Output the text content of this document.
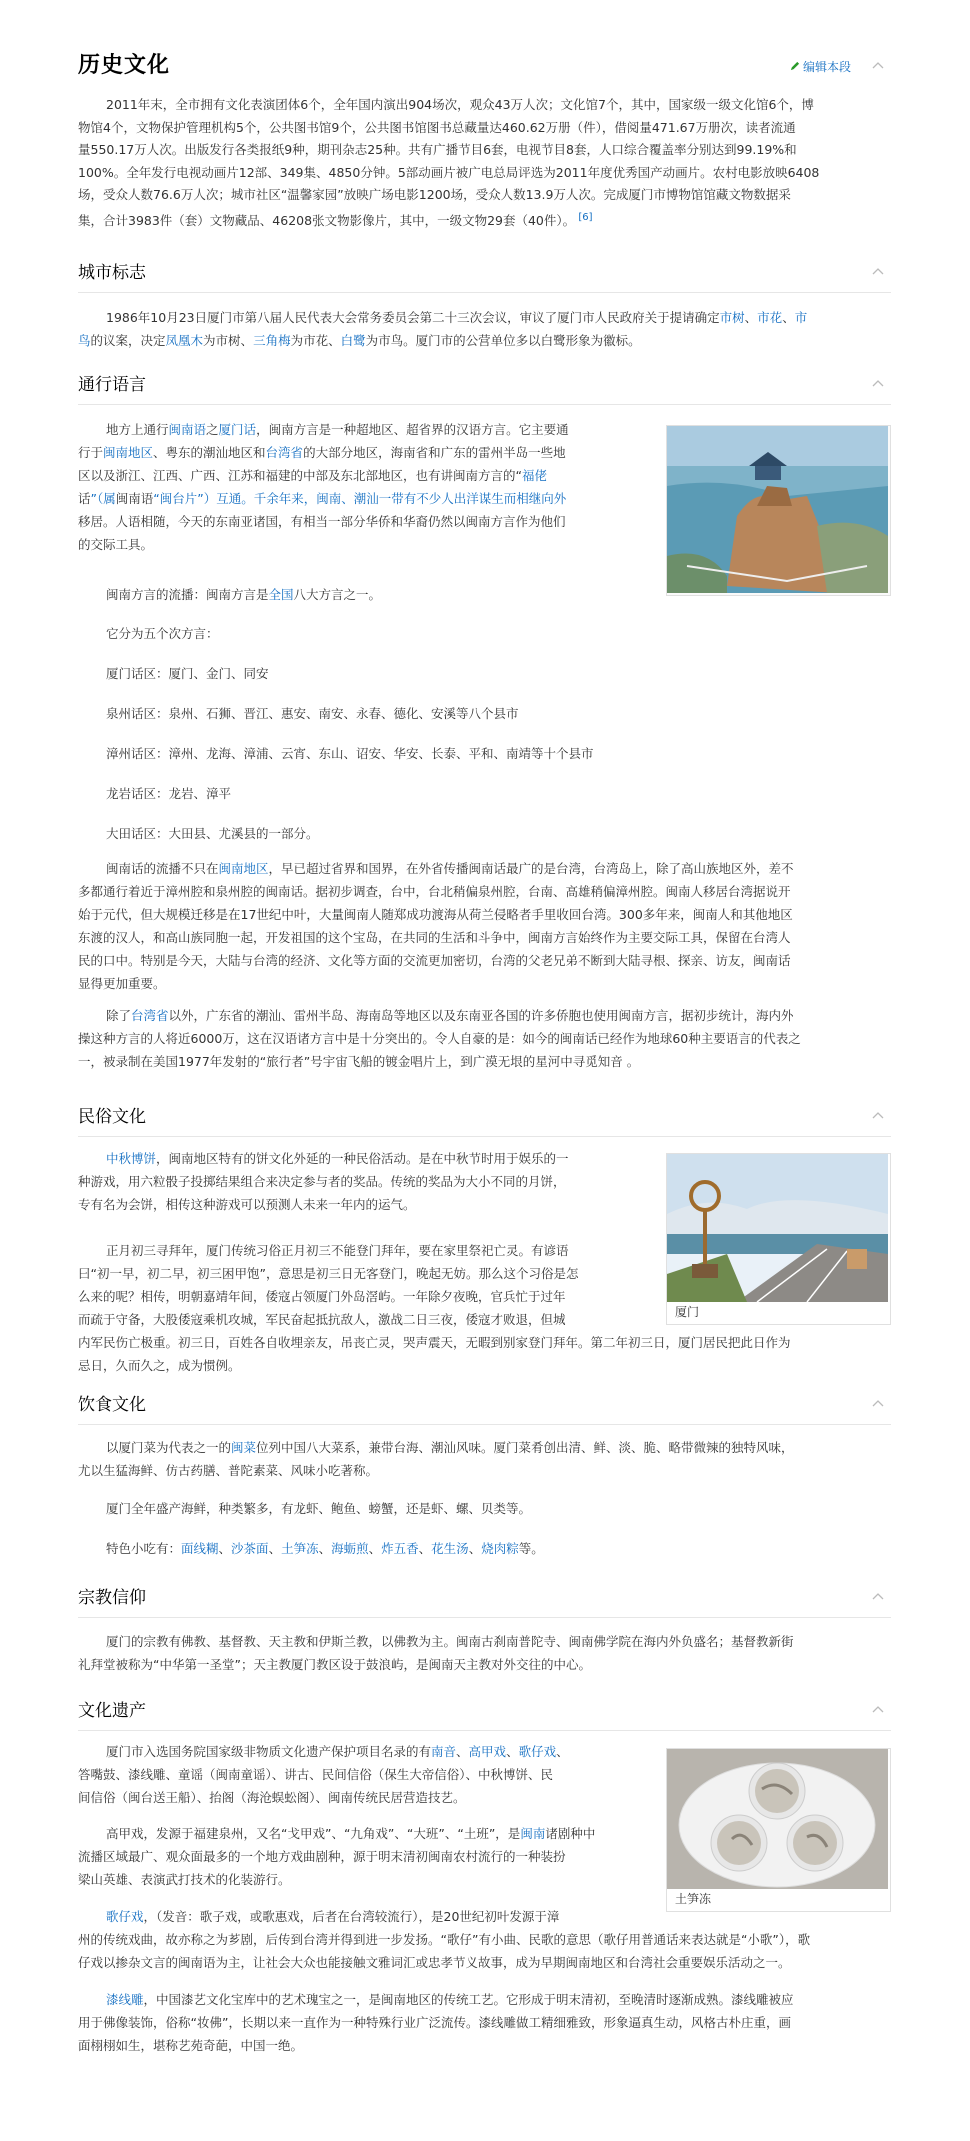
历史文化	编辑本段
2011年末，全市拥有文化表演团体6个，全年国内演出904场次，观众43万人次；文化馆7个，其中，国家级一级文化馆6个，博
物馆4个，文物保护管理机构5个，公共图书馆9个，公共图书馆图书总藏量达460.62万册（件），借阅量471.67万册次，读者流通
量550.17万人次。出版发行各类报纸9种，期刊杂志25种。共有广播节目6套，电视节目8套，人口综合覆盖率分别达到99.19%和
100%。全年发行电视动画片12部、349集、4850分钟。5部动画片被广电总局评选为2011年度优秀国产动画片。农村电影放映6408
场，受众人数76.6万人次；城市社区“温馨家园”放映广场电影1200场，受众人数13.9万人次。完成厦门市博物馆馆藏文物数据采
集，合计3983件（套）文物藏品、46208张文物影像片，其中，一级文物29套（40件）。 [6]
城市标志
1986年10月23日厦门市第八届人民代表大会常务委员会第二十三次会议，审议了厦门市人民政府关于提请确定市树、市花、市
鸟的议案，决定凤凰木为市树、三角梅为市花、白鹭为市鸟。厦门市的公营单位多以白鹭形象为徽标。
通行语言
地方上通行闽南语之厦门话，闽南方言是一种超地区、超省界的汉语方言。它主要通
行于闽南地区、粤东的潮汕地区和台湾省的大部分地区，海南省和广东的雷州半岛一些地
区以及浙江、江西、广西、江苏和福建的中部及东北部地区，也有讲闽南方言的“福佬
话”（属闽南语“闽台片”）互通。千余年来，闽南、潮汕一带有不少人出洋谋生而相继向外
移居。人语相随，今天的东南亚诸国，有相当一部分华侨和华裔仍然以闽南方言作为他们
的交际工具。
闽南方言的流播：闽南方言是全国八大方言之一。
它分为五个次方言：
厦门话区：厦门、金门、同安
泉州话区：泉州、石狮、晋江、惠安、南安、永春、德化、安溪等八个县市
漳州话区：漳州、龙海、漳浦、云宵、东山、诏安、华安、长泰、平和、南靖等十个县市
龙岩话区：龙岩、漳平
大田话区：大田县、尤溪县的一部分。
闽南话的流播不只在闽南地区，早已超过省界和国界，在外省传播闽南话最广的是台湾，台湾岛上，除了高山族地区外，差不
多都通行着近于漳州腔和泉州腔的闽南话。据初步调查，台中，台北稍偏泉州腔，台南、高雄稍偏漳州腔。闽南人移居台湾据说开
始于元代，但大规模迁移是在17世纪中叶，大量闽南人随郑成功渡海从荷兰侵略者手里收回台湾。300多年来，闽南人和其他地区
东渡的汉人，和高山族同胞一起，开发祖国的这个宝岛，在共同的生活和斗争中，闽南方言始终作为主要交际工具，保留在台湾人
民的口中。特别是今天，大陆与台湾的经济、文化等方面的交流更加密切，台湾的父老兄弟不断到大陆寻根、探亲、访友，闽南话
显得更加重要。
除了台湾省以外，广东省的潮汕、雷州半岛、海南岛等地区以及东南亚各国的许多侨胞也使用闽南方言，据初步统计，海内外
操这种方言的人将近6000万，这在汉语诸方言中是十分突出的。令人自豪的是：如今的闽南话已经作为地球60种主要语言的代表之
一，被录制在美国1977年发射的“旅行者”号宇宙飞船的镀金唱片上，到广漠无垠的星河中寻觅知音 。
民俗文化
中秋博饼，闽南地区特有的饼文化外延的一种民俗活动。是在中秋节时用于娱乐的一
种游戏，用六粒骰子投掷结果组合来决定参与者的奖品。传统的奖品为大小不同的月饼，
专有名为会饼，相传这种游戏可以预测人未来一年内的运气。
正月初三寻拜年，厦门传统习俗正月初三不能登门拜年，要在家里祭祀亡灵。有谚语
曰“初一早，初二早，初三困甲饱”，意思是初三日无客登门，晚起无妨。那么这个习俗是怎
么来的呢？相传，明朝嘉靖年间，倭寇占领厦门外岛滘屿。一年除夕夜晚，官兵忙于过年
而疏于守备，大股倭寇乘机攻城，军民奋起抵抗敌人，激战二日三夜，倭寇才败退，但城
内军民伤亡极重。初三日，百姓各自收埋亲友，吊丧亡灵，哭声震天，无暇到别家登门拜年。第二年初三日，厦门居民把此日作为
忌日，久而久之，成为惯例。
厦门
饮食文化
以厦门菜为代表之一的闽菜位列中国八大菜系，兼带台海、潮汕风味。厦门菜肴创出清、鲜、淡、脆、略带微辣的独特风味，
尤以生猛海鲜、仿古药膳、普陀素菜、风味小吃著称。
厦门全年盛产海鲜，种类繁多，有龙虾、鲍鱼、螃蟹，还是虾、螺、贝类等。
特色小吃有：面线糊、沙茶面、土笋冻、海蛎煎、炸五香、花生汤、烧肉粽等。
宗教信仰
厦门的宗教有佛教、基督教、天主教和伊斯兰教，以佛教为主。闽南古刹南普陀寺、闽南佛学院在海内外负盛名；基督教新街
礼拜堂被称为“中华第一圣堂”；天主教厦门教区设于鼓浪屿，是闽南天主教对外交往的中心。
文化遗产
厦门市入选国务院国家级非物质文化遗产保护项目名录的有南音、高甲戏、歌仔戏、
答嘴鼓、漆线雕、童谣（闽南童谣）、讲古、民间信俗（保生大帝信俗）、中秋博饼、民
间信俗（闽台送王船）、抬阁（海沧蜈蚣阁）、闽南传统民居营造技艺。
高甲戏，发源于福建泉州，又名“戈甲戏”、“九角戏”、“大班”、“土班”，是闽南诸剧种中
流播区域最广、观众面最多的一个地方戏曲剧种，源于明末清初闽南农村流行的一种装扮
梁山英雄、表演武打技术的化装游行。
歌仔戏，（发音：歌子戏，或歌惠戏，后者在台湾较流行），是20世纪初叶发源于漳
州的传统戏曲，故亦称之为芗剧，后传到台湾并得到进一步发扬。“歌仔”有小曲、民歌的意思（歌仔用普通话来表达就是“小歌”），歌
仔戏以掺杂文言的闽南语为主，让社会大众也能接触文雅词汇或忠孝节义故事，成为早期闽南地区和台湾社会重要娱乐活动之一。
漆线雕，中国漆艺文化宝库中的艺术瑰宝之一，是闽南地区的传统工艺。它形成于明末清初，至晚清时逐渐成熟。漆线雕被应
用于佛像装饰，俗称“妆佛”，长期以来一直作为一种特殊行业广泛流传。漆线雕做工精细雅致，形象逼真生动，风格古朴庄重，画
面栩栩如生，堪称艺苑奇葩，中国一绝。
土笋冻
